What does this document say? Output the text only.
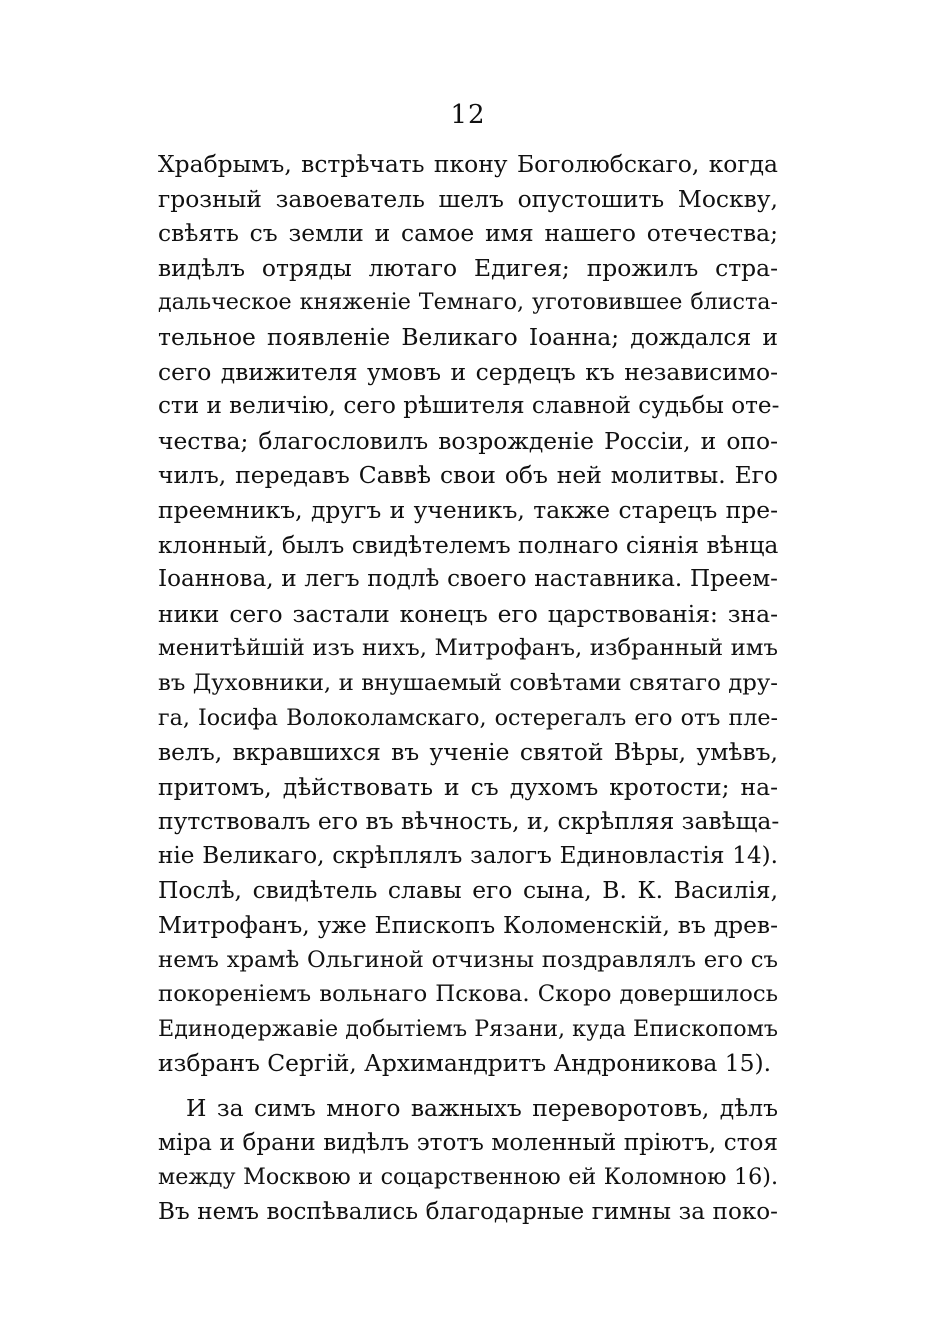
12
Храбрымъ, встрѣчать пкону Боголюбскаго, когда
грозный завоеватель шелъ опустошить Москву,
свѣять съ земли и самое имя нашего отечества;
видѣлъ отряды лютаго Едигея; прожилъ стра-
дальческое княженіе Темнаго, уготовившее блиста-
тельное появленіе Великаго Іоанна; дождался и
сего движителя умовъ и сердецъ къ независимо-
сти и величію, сего рѣшителя славной судьбы оте-
чества; благословилъ возрожденіе Россіи, и опо-
чилъ, передавъ Саввѣ свои объ ней молитвы. Его
преемникъ, другъ и ученикъ, также старецъ пре-
клонный, былъ свидѣтелемъ полнаго сіянія вѣнца
Іоаннова, и легъ подлѣ своего наставника. Преем-
ники сего застали конецъ его царствованія: зна-
менитѣйшій изъ нихъ, Митрофанъ, избранный имъ
въ Духовники, и внушаемый совѣтами святаго дру-
га, Іосифа Волоколамскаго, остерегалъ его отъ пле-
велъ, вкравшихся въ ученіе святой Вѣры, умѣвъ,
притомъ, дѣйствовать и съ духомъ кротости; на-
путствовалъ его въ вѣчность, и, скрѣпляя завѣща-
ніе Великаго, скрѣплялъ залогъ Единовластія 14).
Послѣ, свидѣтель славы его сына, В. К. Василія,
Митрофанъ, уже Епископъ Коломенскій, въ древ-
немъ храмѣ Ольгиной отчизны поздравлялъ его съ
покореніемъ вольнаго Пскова. Скоро довершилось
Единодержавіе добытіемъ Рязани, куда Епископомъ
избранъ Сергій, Архимандритъ Андроникова 15).
И за симъ много важныхъ переворотовъ, дѣлъ
міра и брани видѣлъ этотъ моленный пріютъ, стоя
между Москвою и соцарственною ей Коломною 16).
Въ немъ воспѣвались благодарные гимны за поко-
